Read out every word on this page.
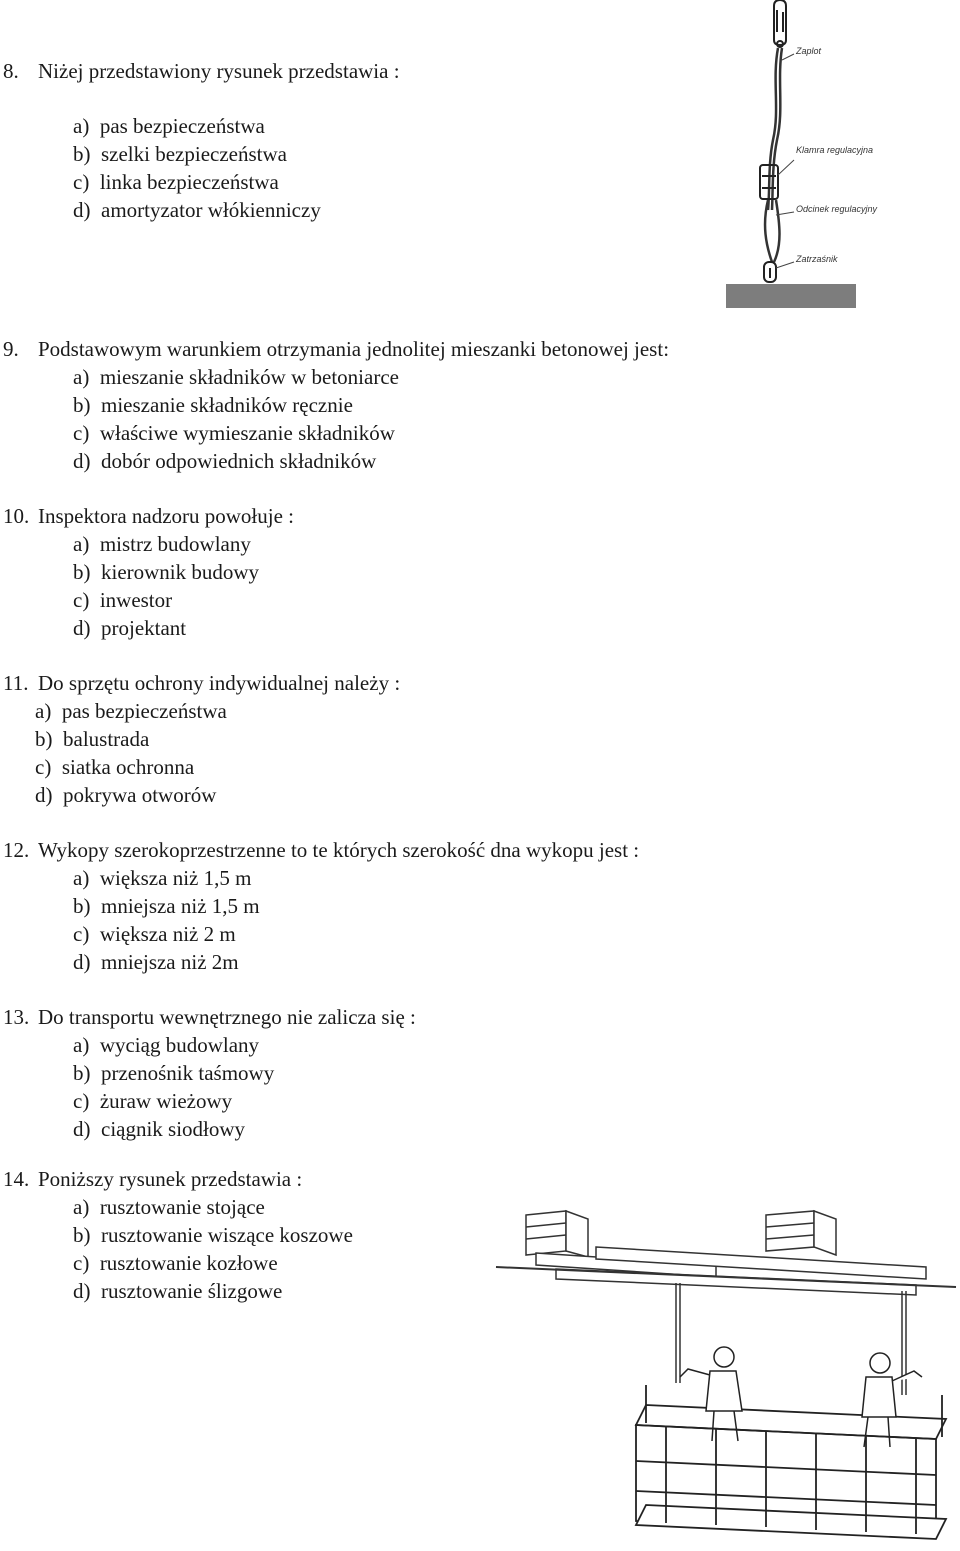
8. Niżej przedstawiony rysunek przedstawia :
a)  pas bezpieczeństwa
b)  szelki bezpieczeństwa
c)  linka bezpieczeństwa
d)  amortyzator włókienniczy
9. Podstawowym warunkiem otrzymania jednolitej mieszanki betonowej jest:
a)  mieszanie składników w betoniarce
b)  mieszanie składników ręcznie
c)  właściwe wymieszanie składników
d)  dobór odpowiednich składników
10. Inspektora nadzoru powołuje :
a)  mistrz budowlany
b)  kierownik budowy
c)  inwestor
d)  projektant
11. Do sprzętu ochrony indywidualnej należy :
a)  pas bezpieczeństwa
b)  balustrada
c)  siatka ochronna
d)  pokrywa otworów
12. Wykopy szerokoprzestrzenne to te których szerokość dna wykopu jest :
a)  większa niż 1,5 m
b)  mniejsza niż 1,5 m
c)  większa niż 2 m
d)  mniejsza niż 2m
13. Do transportu wewnętrznego nie zalicza się :
a)  wyciąg budowlany
b)  przenośnik taśmowy
c)  żuraw wieżowy
d)  ciągnik siodłowy
14. Poniższy rysunek przedstawia :
a)  rusztowanie stojące
b)  rusztowanie wiszące koszowe
c)  rusztowanie kozłowe
d)  rusztowanie ślizgowe
Zaplot
Klamra regulacyjna
Odcinek regulacyjny
Zatrzaśnik
